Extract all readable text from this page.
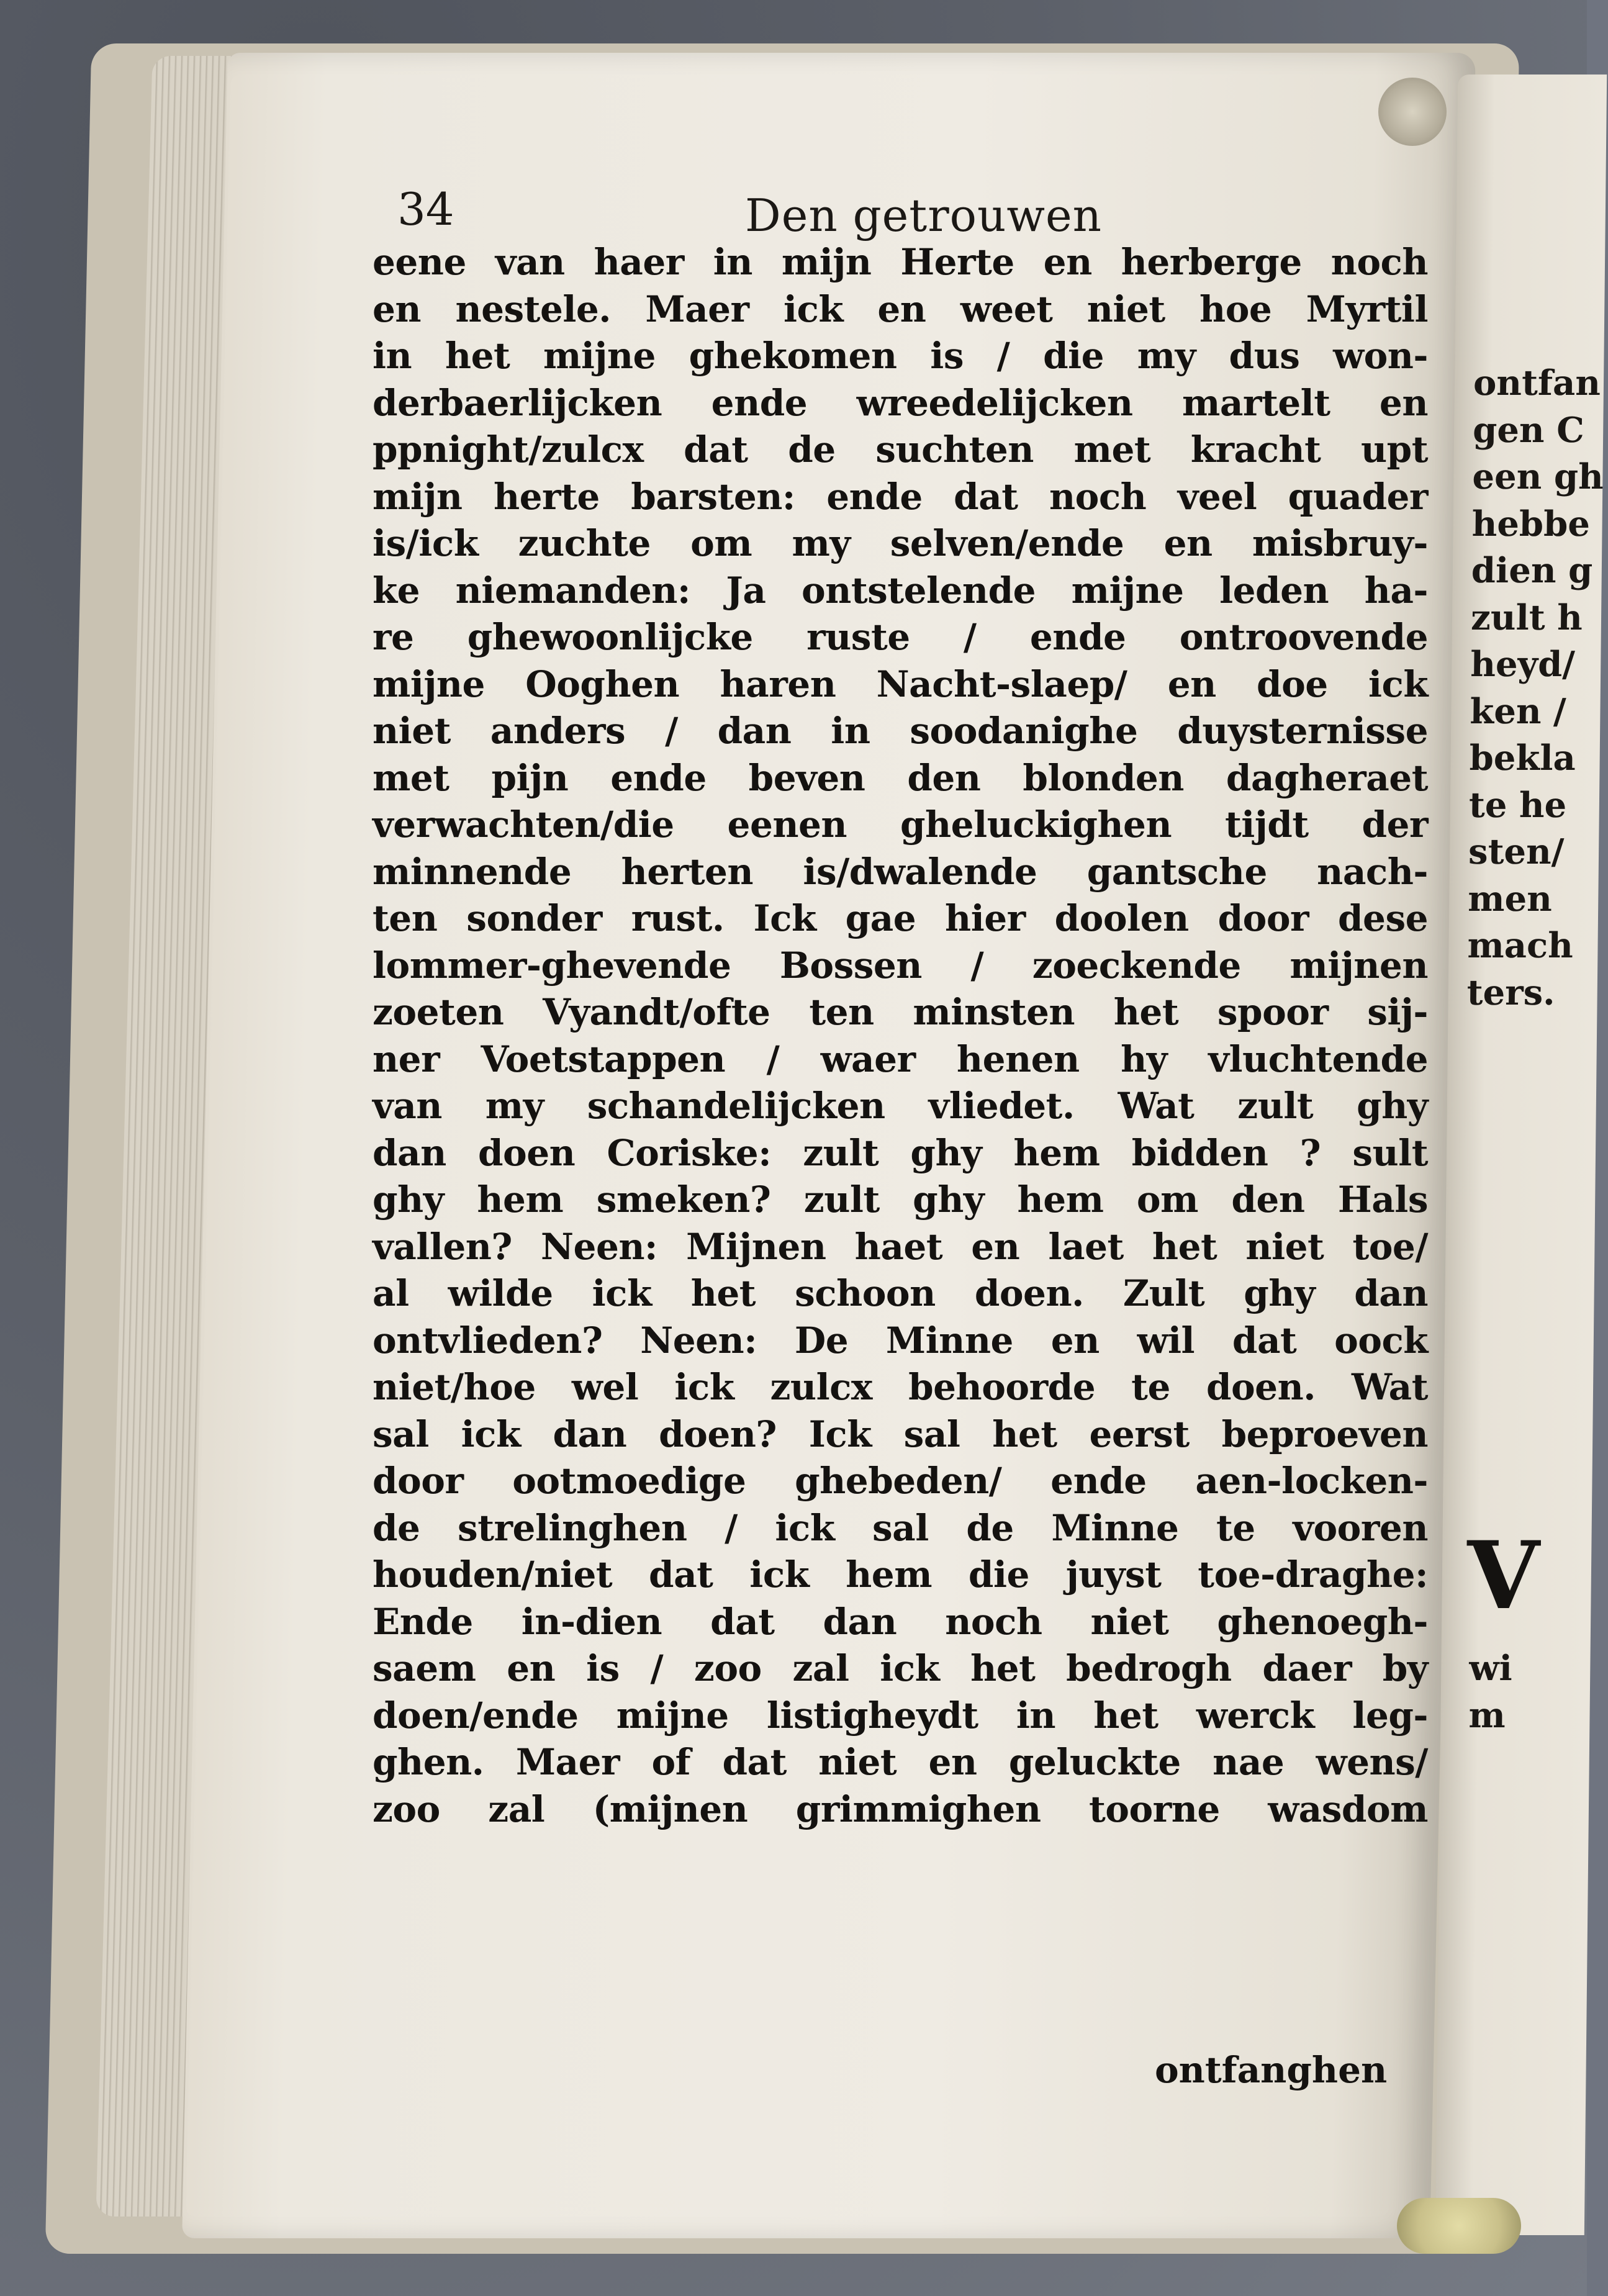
ontfan
gen C
een gh
hebbe
dien g
zult h
heyd/
ken /
bekla
te he
sten/
men
mach
ters.
V
wi
m
34	Den getrouwen
eene van haer in mijn Herte en herberge noch
en nestele. Maer ick en weet niet hoe Myrtil
in het mijne ghekomen is / die my dus won-
derbaerlijcken ende wreedelijcken martelt en
ppnight/zulcx dat de suchten met kracht upt
mijn herte barsten: ende dat noch veel quader
is/ick zuchte om my selven/ende en misbruy-
ke niemanden: Ja ontstelende mijne leden ha-
re ghewoonlijcke ruste / ende ontroovende
mijne Ooghen haren Nacht-slaep/ en doe ick
niet anders / dan in soodanighe duysternisse
met pijn ende beven den blonden dagheraet
verwachten/die eenen gheluckighen tijdt der
minnende herten is/dwalende gantsche nach-
ten sonder rust. Ick gae hier doolen door dese
lommer-ghevende Bossen / zoeckende mijnen
zoeten Vyandt/ofte ten minsten het spoor sij-
ner Voetstappen / waer henen hy vluchtende
van my schandelijcken vliedet. Wat zult ghy
dan doen Coriske: zult ghy hem bidden ? sult
ghy hem smeken? zult ghy hem om den Hals
vallen? Neen: Mijnen haet en laet het niet toe/
al wilde ick het schoon doen. Zult ghy dan
ontvlieden? Neen: De Minne en wil dat oock
niet/hoe wel ick zulcx behoorde te doen. Wat
sal ick dan doen? Ick sal het eerst beproeven
door ootmoedige ghebeden/ ende aen-locken-
de strelinghen / ick sal de Minne te vooren
houden/niet dat ick hem die juyst toe-draghe:
Ende in-dien dat dan noch niet ghenoegh-
saem en is / zoo zal ick het bedrogh daer by
doen/ende mijne listigheydt in het werck leg-
ghen. Maer of dat niet en geluckte nae wens/
zoo zal (mijnen grimmighen toorne wasdom
ontfanghen
